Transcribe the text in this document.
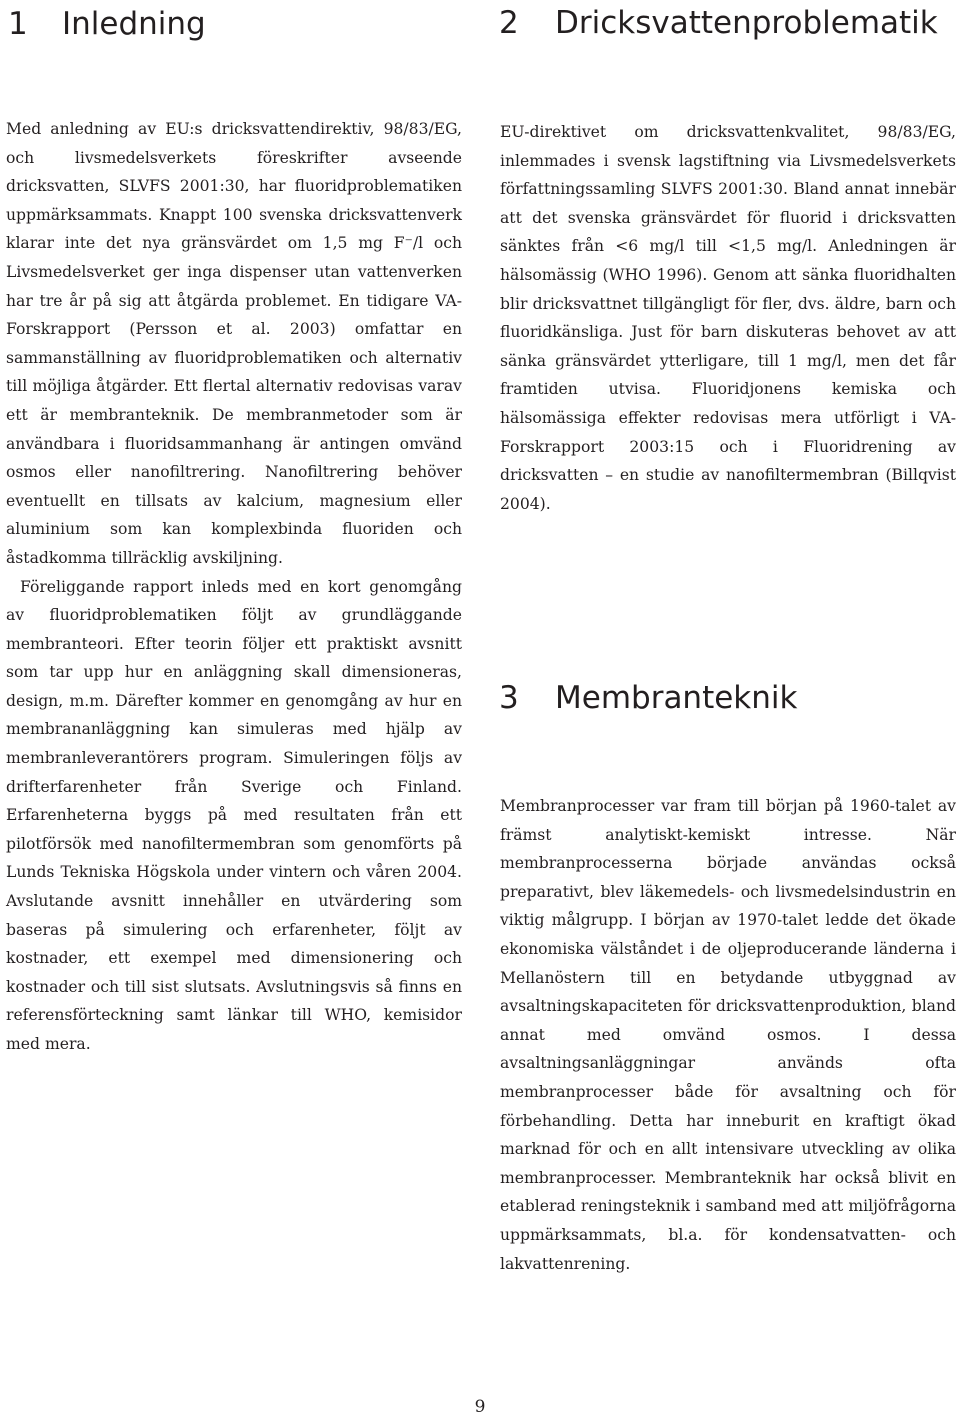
1 Inledning	2 Dricksvattenproblematik

Med anledning av EU:s dricksvattendirektiv, 98/83/EG, och livsmedelsverkets föreskrifter avseende dricksvatten, SLVFS 2001:30, har fluoridproblematiken uppmärksammats. Knappt 100 svenska dricksvattenverk klarar inte det nya gränsvärdet om 1,5 mg F⁻/l och Livsmedelsverket ger inga dispenser utan vattenverken har tre år på sig att åtgärda problemet. En tidigare VA-Forskrapport (Persson et al. 2003) omfattar en sammanställning av fluoridproblematiken och alternativ till möjliga åtgärder. Ett flertal alternativ redovisas varav ett är membranteknik. De membranmetoder som är användbara i fluoridsammanhang är antingen omvänd osmos eller nanofiltrering. Nanofiltrering behöver eventuellt en tillsats av kalcium, magnesium eller aluminium som kan komplexbinda fluoriden och åstadkomma tillräcklig avskiljning.

Föreliggande rapport inleds med en kort genomgång av fluoridproblematiken följt av grundläggande membranteori. Efter teorin följer ett praktiskt avsnitt som tar upp hur en anläggning skall dimensioneras, design, m.m. Därefter kommer en genomgång av hur en membrananläggning kan simuleras med hjälp av membranleverantörers program. Simuleringen följs av drifterfarenheter från Sverige och Finland. Erfarenheterna byggs på med resultaten från ett pilotförsök med nanofiltermembran som genomförts på Lunds Tekniska Högskola under vintern och våren 2004. Avslutande avsnitt innehåller en utvärdering som baseras på simulering och erfarenheter, följt av kostnader, ett exempel med dimensionering och kostnader och till sist slutsats. Avslutningsvis så finns en referensförteckning samt länkar till WHO, kemisidor med mera.

EU-direktivet om dricksvattenkvalitet, 98/83/EG, inlemmades i svensk lagstiftning via Livsmedelsverkets författningssamling SLVFS 2001:30. Bland annat innebär att det svenska gränsvärdet för fluorid i dricksvatten sänktes från <6 mg/l till <1,5 mg/l. Anledningen är hälsomässig (WHO 1996). Genom att sänka fluoridhalten blir dricksvattnet tillgängligt för fler, dvs. äldre, barn och fluoridkänsliga. Just för barn diskuteras behovet av att sänka gränsvärdet ytterligare, till 1 mg/l, men det får framtiden utvisa. Fluoridjonens kemiska och hälsomässiga effekter redovisas mera utförligt i VA-Forskrapport 2003:15 och i Fluoridrening av dricksvatten – en studie av nanofiltermembran (Billqvist 2004).

3 Membranteknik

Membranprocesser var fram till början på 1960-talet av främst analytiskt-kemiskt intresse. När membranprocesserna började användas också preparativt, blev läkemedels- och livsmedelsindustrin en viktig målgrupp. I början av 1970-talet ledde det ökade ekonomiska välståndet i de oljeproducerande länderna i Mellanöstern till en betydande utbyggnad av avsaltningskapaciteten för dricksvattenproduktion, bland annat med omvänd osmos. I dessa avsaltningsanläggningar används ofta membranprocesser både för avsaltning och för förbehandling. Detta har inneburit en kraftigt ökad marknad för och en allt intensivare utveckling av olika membranprocesser. Membranteknik har också blivit en etablerad reningsteknik i samband med att miljöfrågorna uppmärksammats, bl.a. för kondensatvatten- och lakvattenrening.

9
